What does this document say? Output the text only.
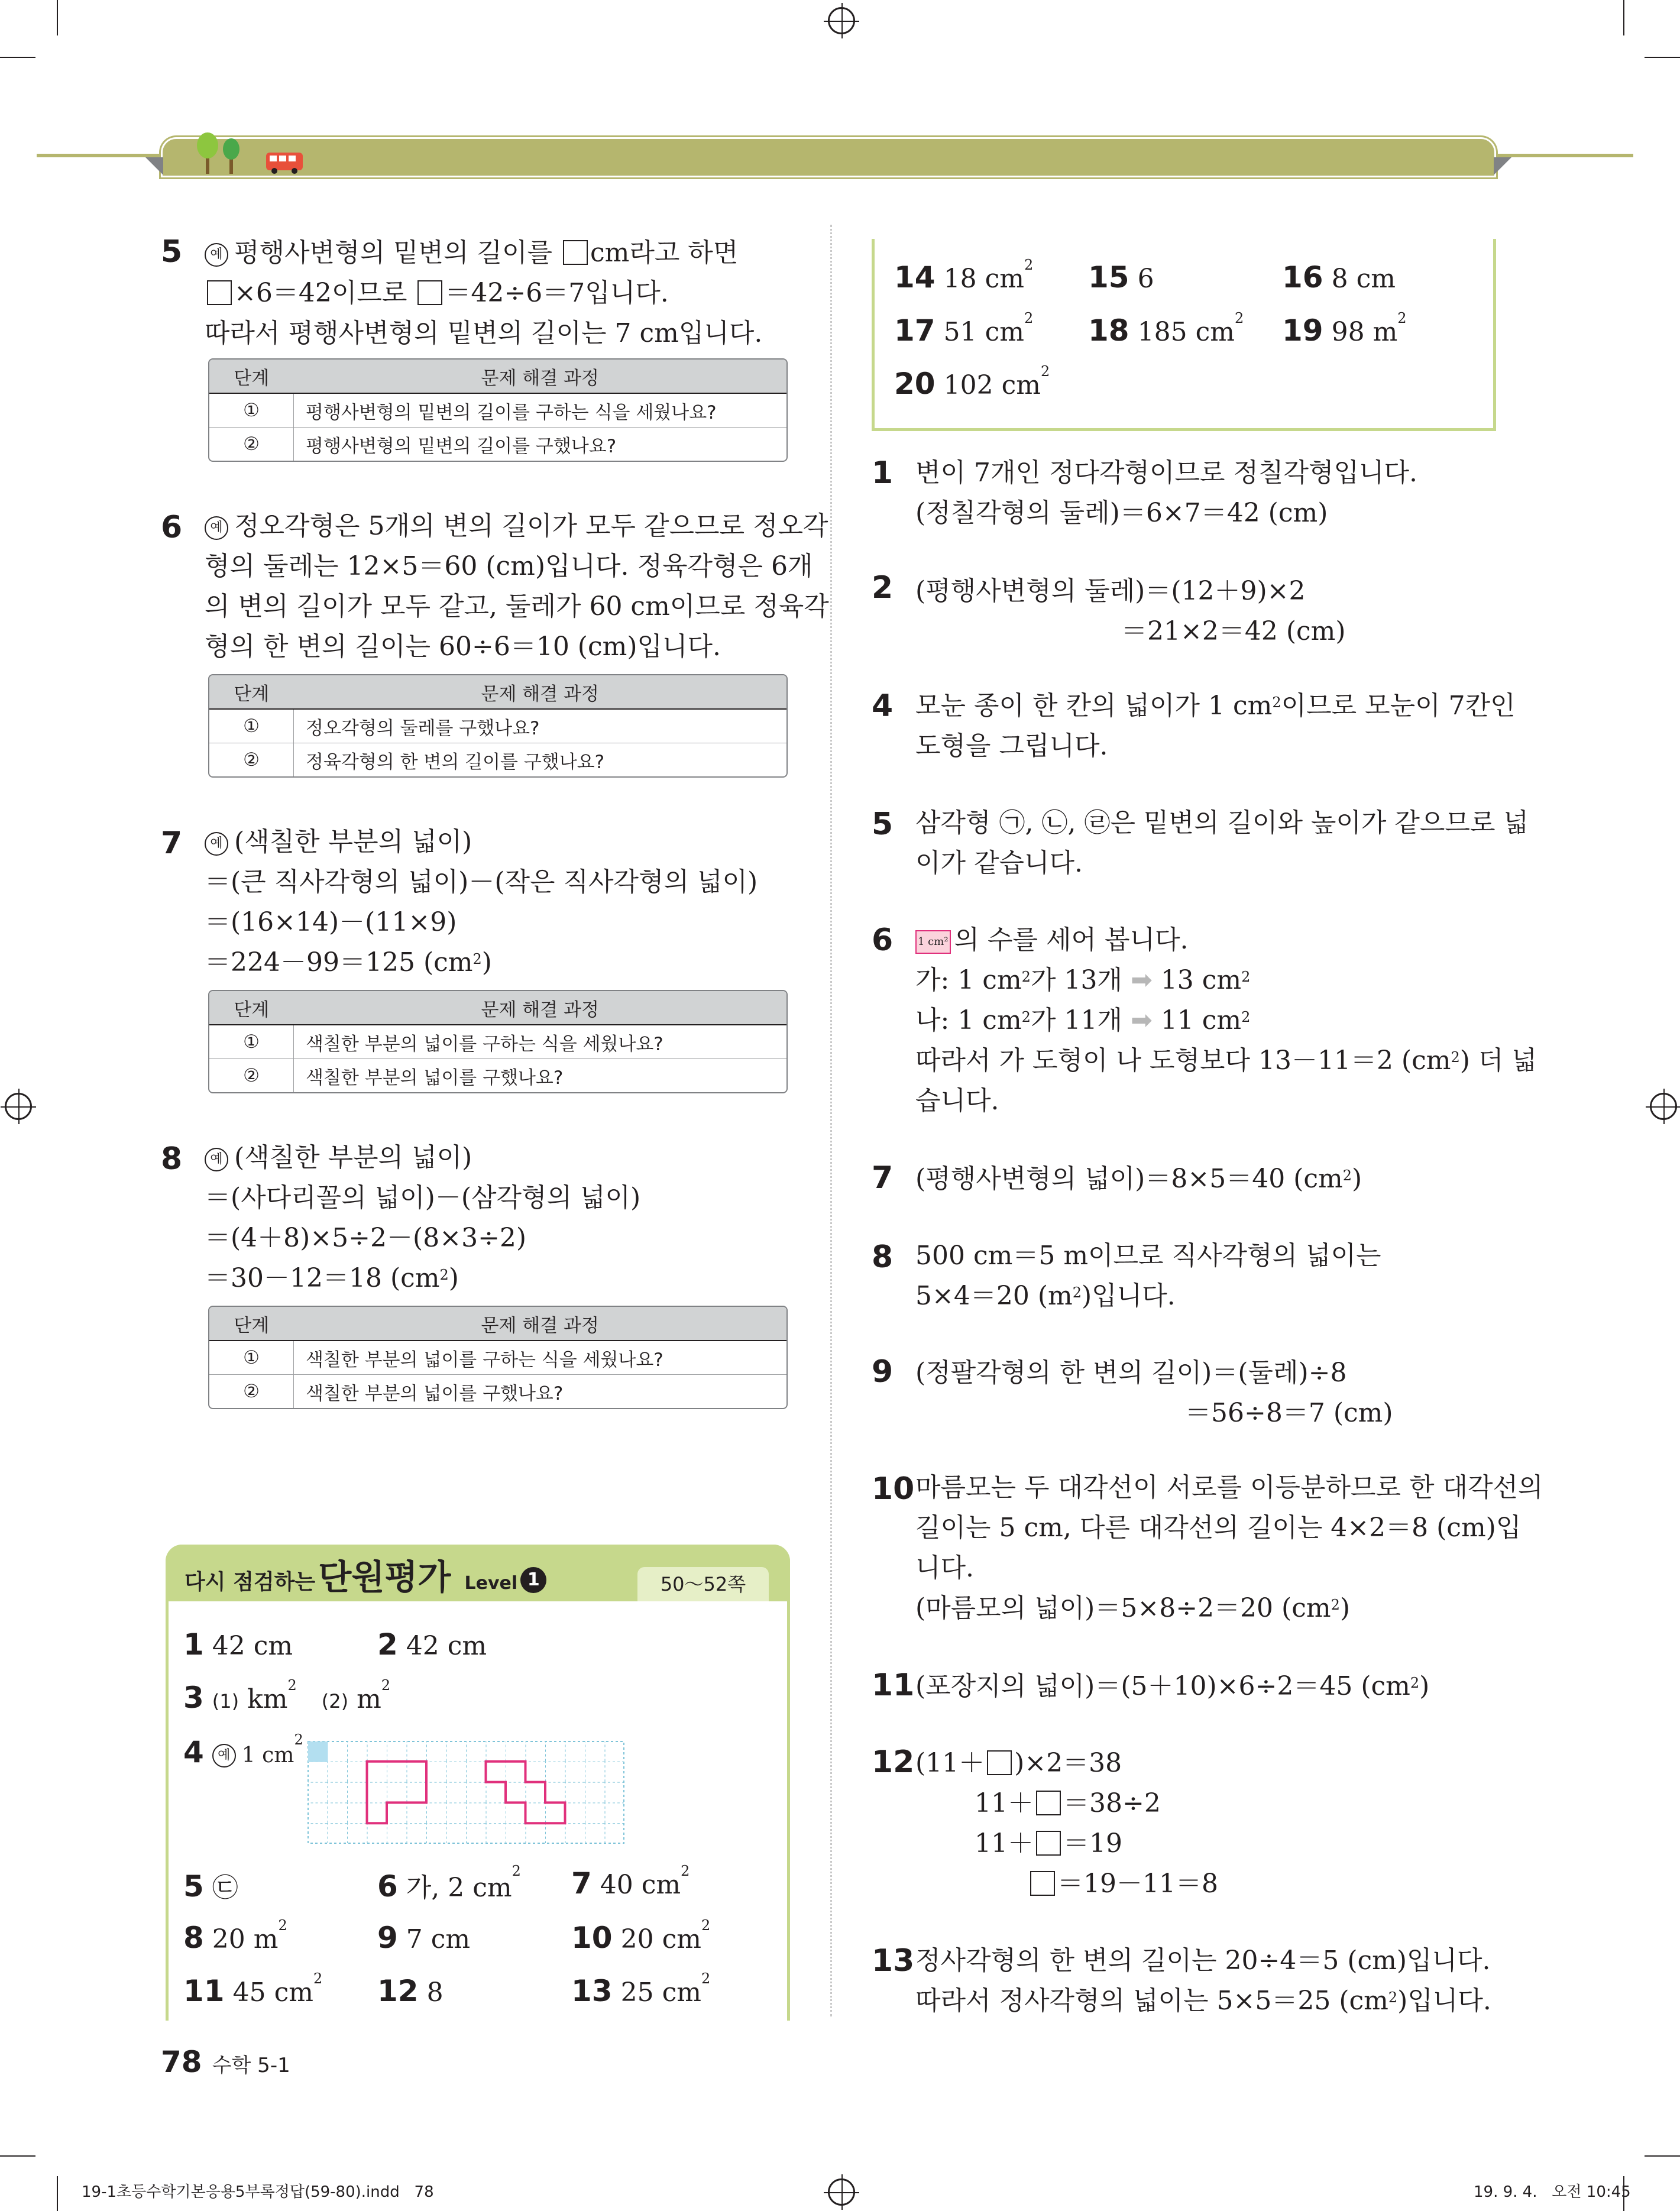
5	예 평행사변형의 밑변의 길이를 cm라고 하면
×6＝42이므로 ＝42÷6＝7입니다.
따라서 평행사변형의 밑변의 길이는 7 cm입니다.
단계	문제 해결 과정
①	평행사변형의 밑변의 길이를 구하는 식을 세웠나요?
②	평행사변형의 밑변의 길이를 구했나요?
6	예 정오각형은 5개의 변의 길이가 모두 같으므로 정오각
형의 둘레는 12×5＝60 (cm)입니다. 정육각형은 6개
의 변의 길이가 모두 같고, 둘레가 60 cm이므로 정육각
형의 한 변의 길이는 60÷6＝10 (cm)입니다.
단계	문제 해결 과정
①	정오각형의 둘레를 구했나요?
②	정육각형의 한 변의 길이를 구했나요?
7	예 (색칠한 부분의 넓이)
＝(큰 직사각형의 넓이)－(작은 직사각형의 넓이)
＝(16×14)－(11×9)
＝224－99＝125 $(cm^2)$
단계	문제 해결 과정
①	색칠한 부분의 넓이를 구하는 식을 세웠나요?
②	색칠한 부분의 넓이를 구했나요?
8	예 (색칠한 부분의 넓이)
＝(사다리꼴의 넓이)－(삼각형의 넓이)
＝(4＋8)×5÷2－(8×3÷2)
＝30－12＝18 $(cm^2)$
단계	문제 해결 과정
①	색칠한 부분의 넓이를 구하는 식을 세웠나요?
②	색칠한 부분의 넓이를 구했나요?
다시 점검하는 단원평가 Level 1	50～52쪽
1 42 cm	2 42 cm
3 (1) $km^2$   (2) $m^2$
4 예 1 $cm^2$
5 ㉢	6 가, 2 $cm^2$ 7 40 $cm^2$
8 20 $m^2$	9 7 cm	10 20 $cm^2$
11 45 $cm^2$ 12 8	13 25 $cm^2$
14 18 $cm^2$ 15 6	16 8 cm
17 51 $cm^2$ 18 185 $cm^2$ 19 98 $m^2$
20 102 $cm^2$
1 변이 7개인 정다각형이므로 정칠각형입니다.
(정칠각형의 둘레)＝6×7＝42 (cm)
2 (평행사변형의 둘레)＝(12＋9)×2
＝21×2＝42 (cm)
4 모눈 종이 한 칸의 넓이가 1 $cm^2$이므로 모눈이 7칸인
도형을 그립니다.
5 삼각형 ㉠, ㉡, ㉣은 밑변의 길이와 높이가 같으므로 넓
이가 같습니다.
6 1 cm² 의 수를 세어 봅니다.
가: 1 $cm^2$가 13개 ➡ 13 $cm^2$
나: 1 $cm^2$가 11개 ➡ 11 $cm^2$
따라서 가 도형이 나 도형보다 13－11＝2 $(cm^2)$ 더 넓
습니다.
7 (평행사변형의 넓이)＝8×5＝40 $(cm^2)$
8 500 cm＝5 m이므로 직사각형의 넓이는
5×4＝20 $(m^2)$입니다.
9 (정팔각형의 한 변의 길이)＝(둘레)÷8
＝56÷8＝7 (cm)
10 마름모는 두 대각선이 서로를 이등분하므로 한 대각선의
길이는 5 cm, 다른 대각선의 길이는 4×2＝8 (cm)입
니다.
(마름모의 넓이)＝5×8÷2＝20 $(cm^2)$
11 (포장지의 넓이)＝(5＋10)×6÷2＝45 $(cm^2)$
12 (11＋ )×2＝38
11＋ ＝38÷2
11＋ ＝19
＝19－11＝8
13 정사각형의 한 변의 길이는 20÷4＝5 (cm)입니다.
따라서 정사각형의 넓이는 5×5＝25 $(cm^2)$입니다.
78 수학 5-1
19-1초등수학기본응용5부록정답(59-80).indd   78	19. 9. 4.   오전 10:45
